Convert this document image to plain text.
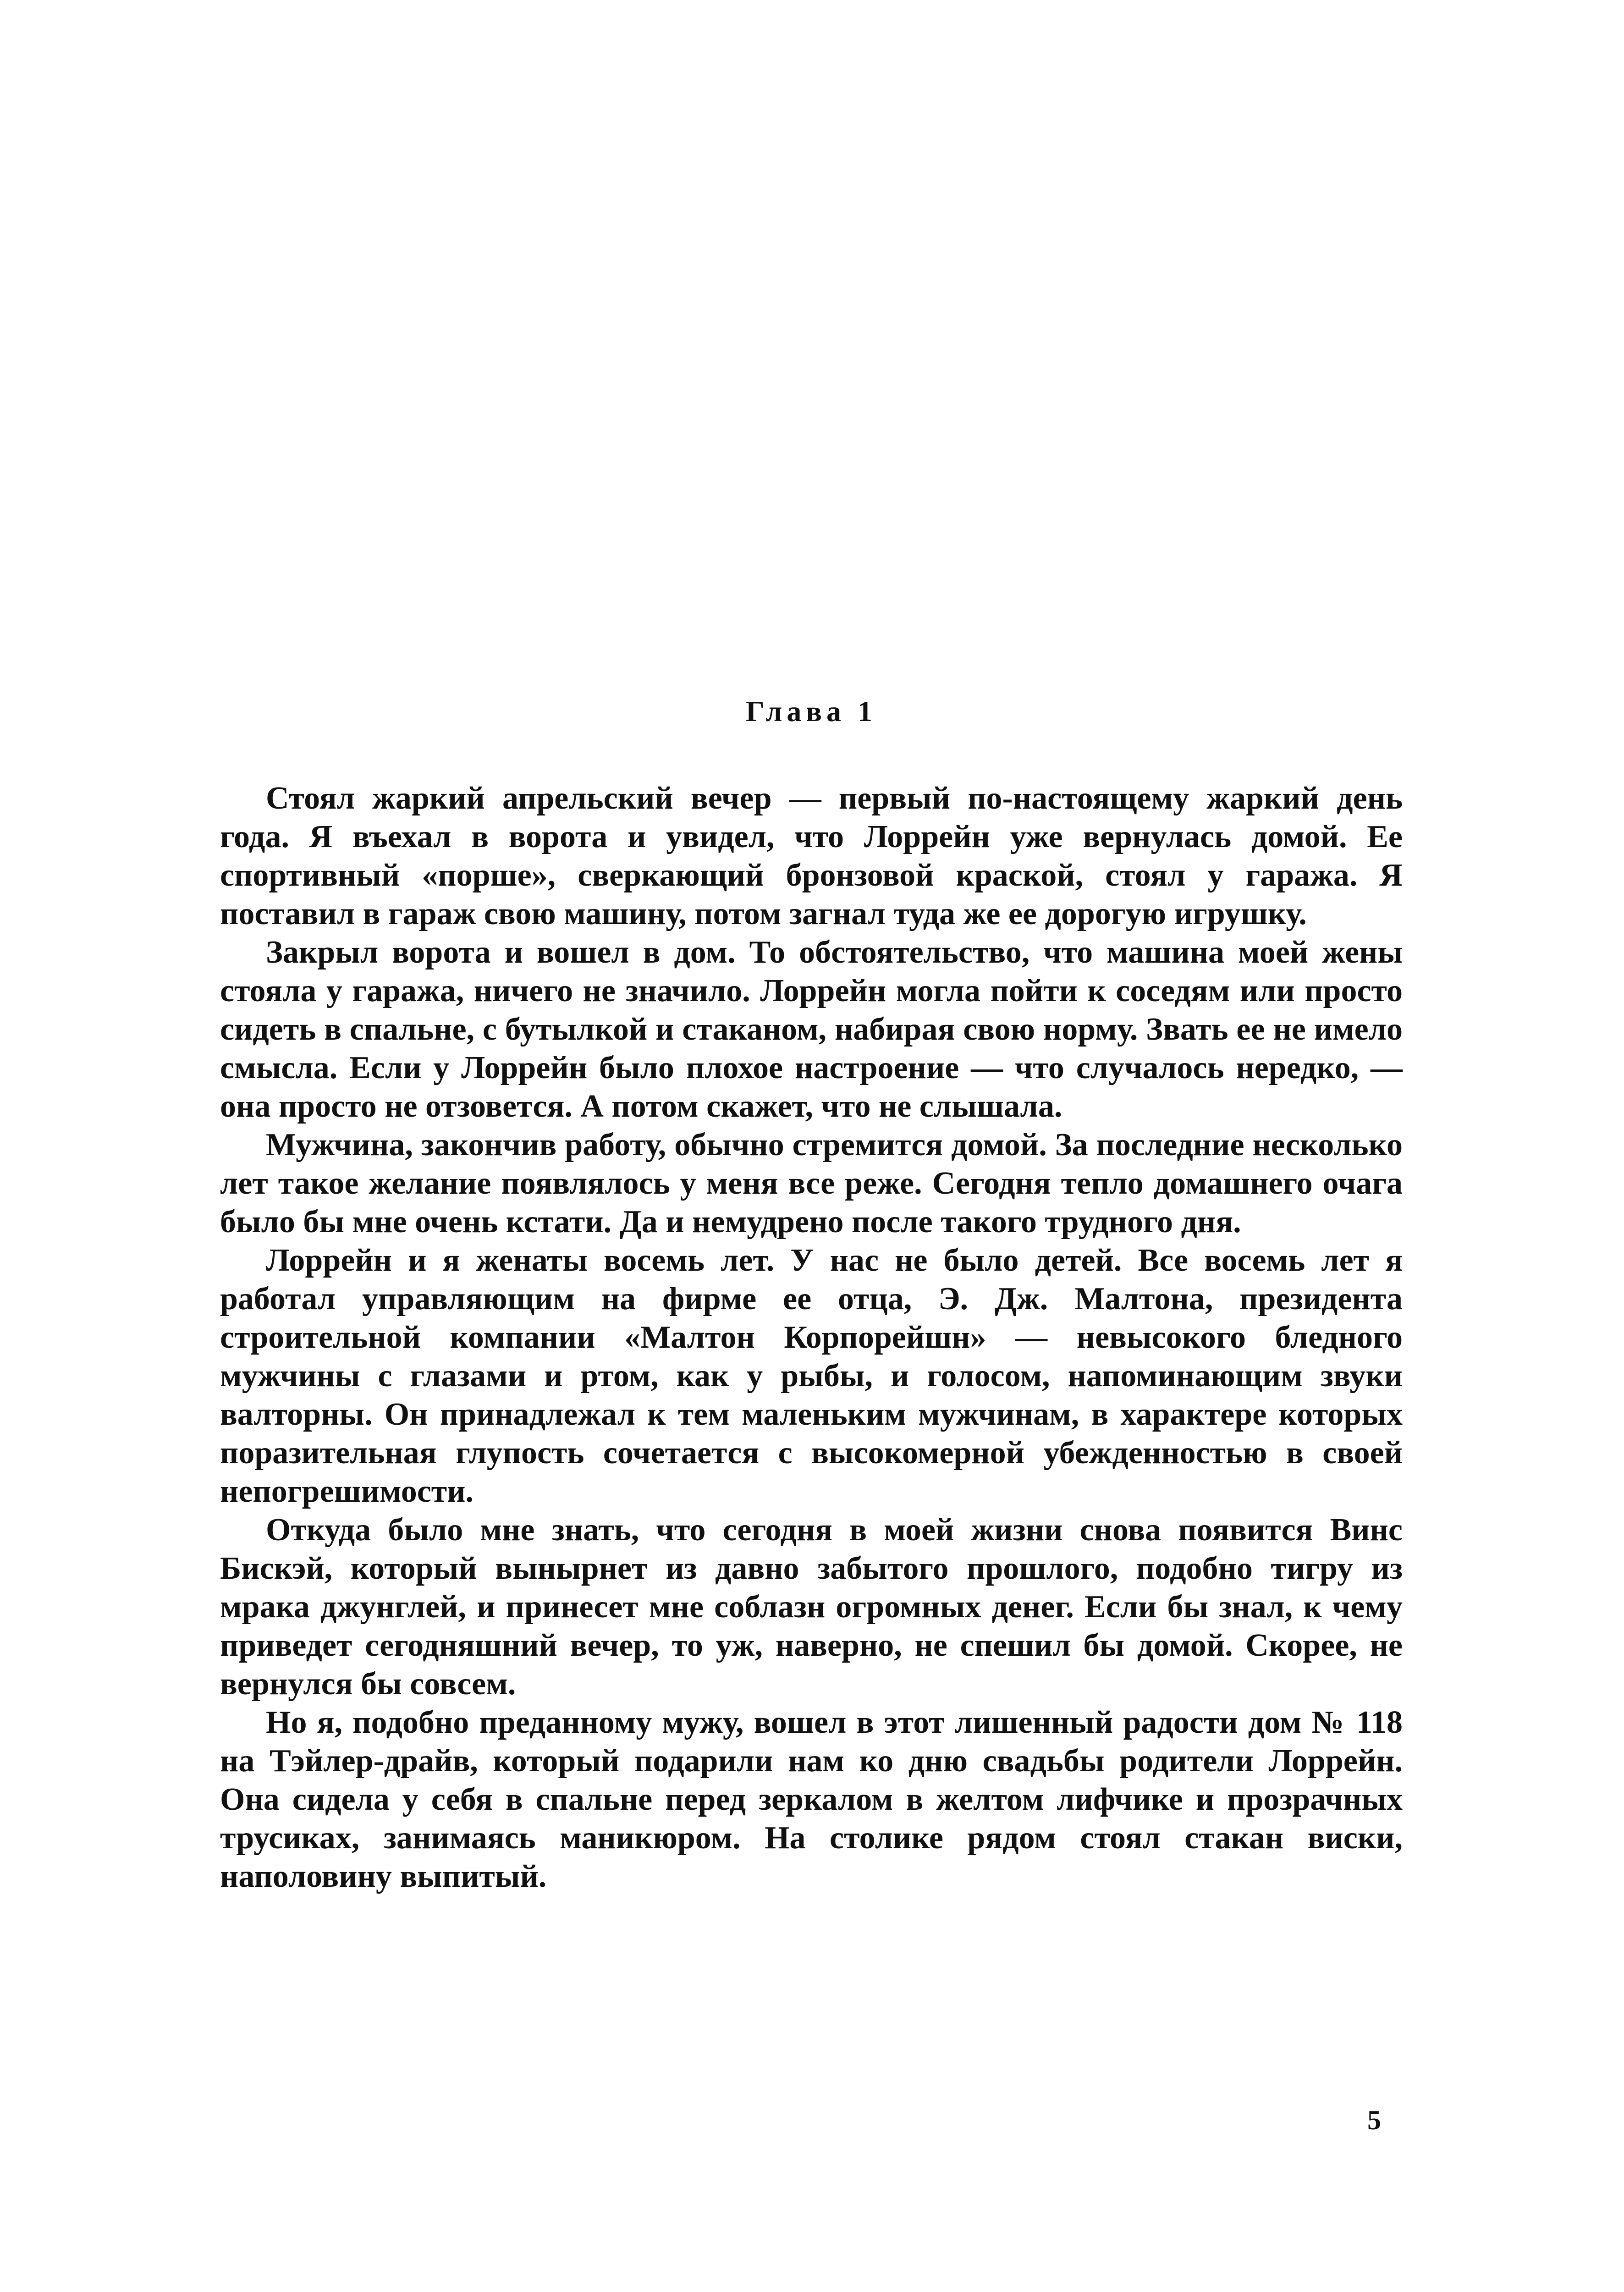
Глава 1

Стоял жаркий апрельский вечер — первый по-настоящему жаркий день года. Я въехал в ворота и увидел, что Лоррейн уже вернулась домой. Ее спортивный «порше», сверкающий бронзовой краской, стоял у гаража. Я поставил в гараж свою машину, потом загнал туда же ее дорогую игрушку.

Закрыл ворота и вошел в дом. То обстоятельство, что машина моей жены стояла у гаража, ничего не значило. Лоррейн могла пойти к соседям или просто сидеть в спальне, с бутылкой и стаканом, набирая свою норму. Звать ее не имело смысла. Если у Лоррейн было плохое настроение — что случалось нередко, — она просто не отзовется. А потом скажет, что не слышала.

Мужчина, закончив работу, обычно стремится домой. За последние несколько лет такое желание появлялось у меня все реже. Сегодня тепло домашнего очага было бы мне очень кстати. Да и немудрено после такого трудного дня.

Лоррейн и я женаты восемь лет. У нас не было детей. Все восемь лет я работал управляющим на фирме ее отца, Э. Дж. Малтона, президента строительной компании «Малтон Корпорейшн» — невысокого бледного мужчины с глазами и ртом, как у рыбы, и голосом, напоминающим звуки валторны. Он принадлежал к тем маленьким мужчинам, в характере которых поразительная глупость сочетается с высокомерной убежденностью в своей непогрешимости.

Откуда было мне знать, что сегодня в моей жизни снова появится Винс Бискэй, который вынырнет из давно забытого прошлого, подобно тигру из мрака джунглей, и принесет мне соблазн огромных денег. Если бы знал, к чему приведет сегодняшний вечер, то уж, наверно, не спешил бы домой. Скорее, не вернулся бы совсем.

Но я, подобно преданному мужу, вошел в этот лишенный радости дом № 118 на Тэйлер-драйв, который подарили нам ко дню свадьбы родители Лоррейн. Она сидела у себя в спальне перед зеркалом в желтом лифчике и прозрачных трусиках, занимаясь маникюром. На столике рядом стоял стакан виски, наполовину выпитый.

5
